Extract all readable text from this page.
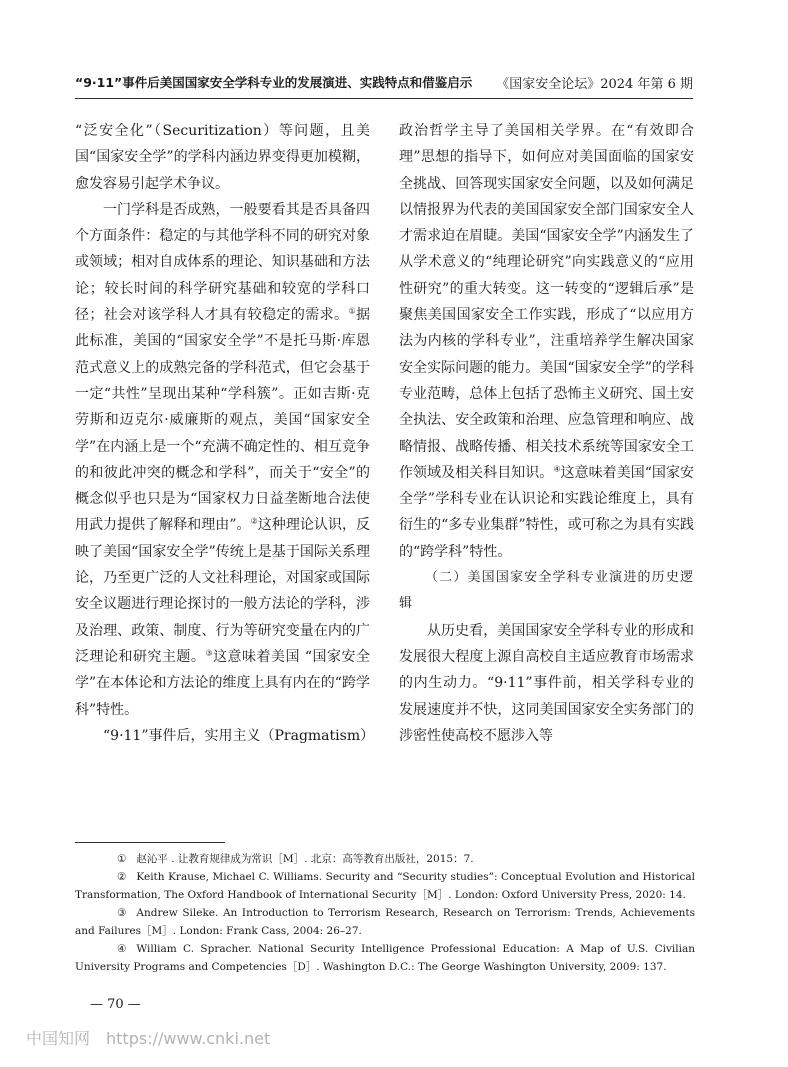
“9·11”事件后美国国家安全学科专业的发展演进、实践特点和借鉴启示 《国家安全论坛》2024 年第 6 期

“泛安全化”（Securitization）等问题，且美国“国家安全学”的学科内涵边界变得更加模糊，愈发容易引起学术争议。

一门学科是否成熟，一般要看其是否具备四个方面条件：稳定的与其他学科不同的研究对象或领域；相对自成体系的理论、知识基础和方法论；较长时间的科学研究基础和较宽的学科口径；社会对该学科人才具有较稳定的需求。①据此标准，美国的“国家安全学”不是托马斯·库恩范式意义上的成熟完备的学科范式，但它会基于一定“共性”呈现出某种“学科簇”。正如吉斯·克劳斯和迈克尔·威廉斯的观点，美国“国家安全学”在内涵上是一个“充满不确定性的、相互竞争的和彼此冲突的概念和学科”，而关于“安全”的概念似乎也只是为“国家权力日益垄断地合法使用武力提供了解释和理由”。②这种理论认识，反映了美国“国家安全学”传统上是基于国际关系理论，乃至更广泛的人文社科理论，对国家或国际安全议题进行理论探讨的一般方法论的学科，涉及治理、政策、制度、行为等研究变量在内的广泛理论和研究主题。③这意味着美国 “国家安全学”在本体论和方法论的维度上具有内在的“跨学科”特性。

“9·11”事件后，实用主义（Pragmatism）

政治哲学主导了美国相关学界。在“有效即合理”思想的指导下，如何应对美国面临的国家安全挑战、回答现实国家安全问题，以及如何满足以情报界为代表的美国国家安全部门国家安全人才需求迫在眉睫。美国“国家安全学”内涵发生了从学术意义的“纯理论研究”向实践意义的“应用性研究”的重大转变。这一转变的“逻辑后承”是聚焦美国国家安全工作实践，形成了“以应用方法为内核的学科专业”，注重培养学生解决国家安全实际问题的能力。美国“国家安全学”的学科专业范畴，总体上包括了恐怖主义研究、国土安全执法、安全政策和治理、应急管理和响应、战略情报、战略传播、相关技术系统等国家安全工作领域及相关科目知识。④这意味着美国“国家安全学”学科专业在认识论和实践论维度上，具有衍生的“多专业集群”特性，或可称之为具有实践的“跨学科”特性。

（二）美国国家安全学科专业演进的历史逻辑

从历史看，美国国家安全学科专业的形成和发展很大程度上源自高校自主适应教育市场需求的内生动力。“9·11”事件前，相关学科专业的发展速度并不快，这同美国国家安全实务部门的涉密性使高校不愿涉入等

① 赵沁平 . 让教育规律成为常识［M］. 北京：高等教育出版社，2015：7.

② Keith Krause, Michael C. Williams. Security and “Security studies”: Conceptual Evolution and Historical Transformation, The Oxford Handbook of International Security［M］. London: Oxford University Press, 2020: 14.

③ Andrew Sileke. An Introduction to Terrorism Research, Research on Terrorism: Trends, Achievements and Failures［M］. London: Frank Cass, 2004: 26–27.

④ William C. Spracher. National Security Intelligence Professional Education: A Map of U.S. Civilian University Programs and Competencies［D］. Washington D.C.: The George Washington University, 2009: 137.

— 70 —
中国知网 https://www.cnki.net
